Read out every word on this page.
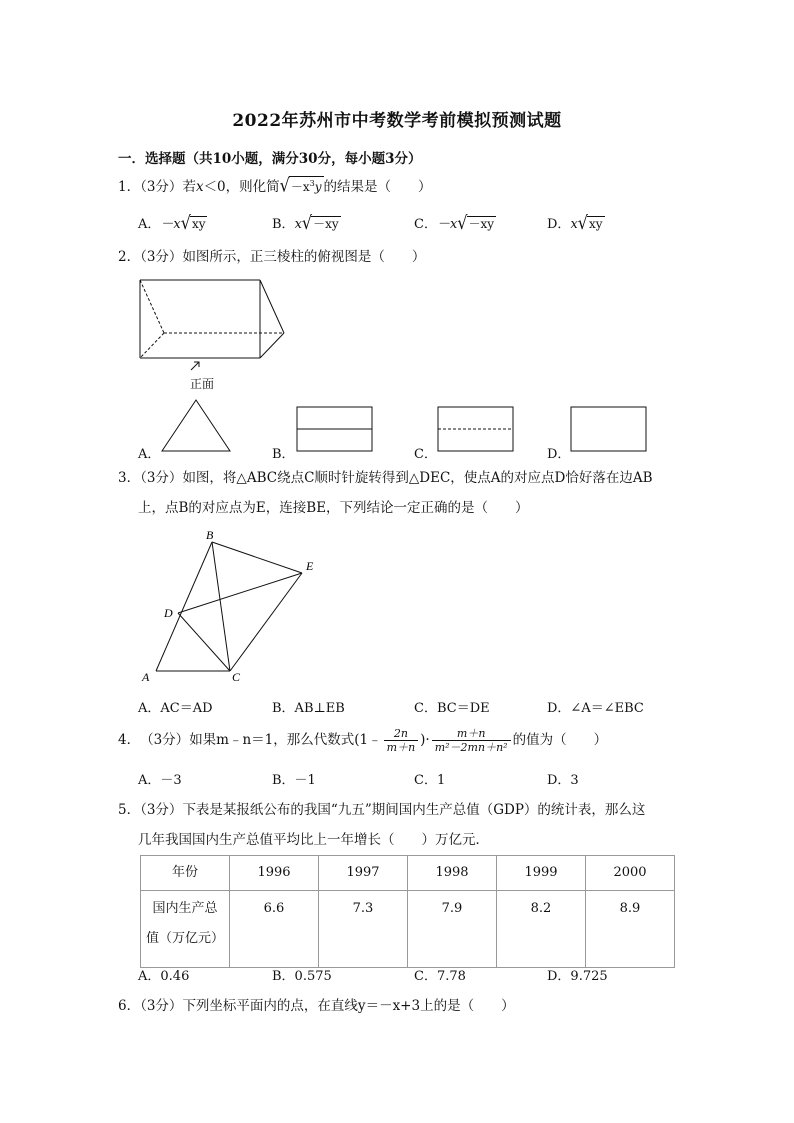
2022年苏州市中考数学考前模拟预测试题
一．选择题（共10小题，满分30分，每小题3分）
1．（3分）若x＜0，则化简$√-x^3y$ 的结果是（　　）
A．－x√xy	B．x√－xy	C．－x√－xy	D．x√xy
2．（3分）如图所示，正三棱柱的俯视图是（　　）
正面
A．	B．	C．	D．
3．（3分）如图，将△ABC绕点C顺时针旋转得到△DEC，使点A的对应点D恰好落在边AB
上，点B的对应点为E，连接BE，下列结论一定正确的是（　　）
A
B
C
D
E
A．AC＝AD	B．AB⊥EB	C．BC＝DE	D．∠A＝∠EBC
4． （3分） 如果m﹣n＝1，那么代数式(1﹣ $\frac{2n}{m+n}$ )· $\frac{m+n}{\text{m²－2mn＋n²}}$ 的值为（　　）
A．－3	B．－1	C．1	D．3
5．（3分）下表是某报纸公布的我国“九五”期间国内生产总值（GDP）的统计表，那么这
几年我国国内生产总值平均比上一年增长（　　）万亿元．
年份	1996	1997	1998	1999	2000

国内生产总
值（万亿元）	6.6	7.3	7.9	8.2	8.9
A．0.46	B．0.575	C．7.78	D．9.725
6．（3分）下列坐标平面内的点，在直线y＝－x+3上的是（　　）
